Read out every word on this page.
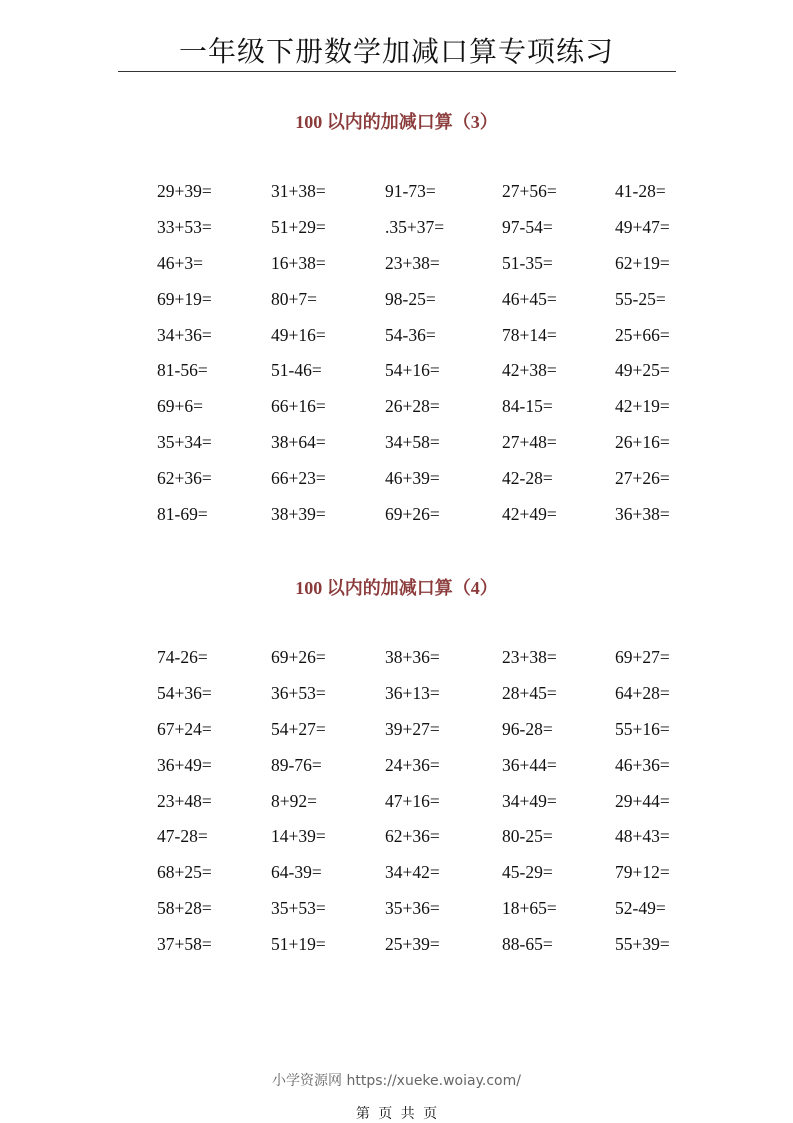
一年级下册数学加减口算专项练习
100 以内的加减口算（3）
29+39=	31+38=	91-73=	27+56=	41-28=
33+53=	51+29=	.35+37=	97-54=	49+47=
46+3=	16+38=	23+38=	51-35=	62+19=
69+19=	80+7=	98-25=	46+45=	55-25=
34+36=	49+16=	54-36=	78+14=	25+66=
81-56=	51-46=	54+16=	42+38=	49+25=
69+6=	66+16=	26+28=	84-15=	42+19=
35+34=	38+64=	34+58=	27+48=	26+16=
62+36=	66+23=	46+39=	42-28=	27+26=
81-69=	38+39=	69+26=	42+49=	36+38=
100 以内的加减口算（4）
74-26=	69+26=	38+36=	23+38=	69+27=
54+36=	36+53=	36+13=	28+45=	64+28=
67+24=	54+27=	39+27=	96-28=	55+16=
36+49=	89-76=	24+36=	36+44=	46+36=
23+48=	8+92=	47+16=	34+49=	29+44=
47-28=	14+39=	62+36=	80-25=	48+43=
68+25=	64-39=	34+42=	45-29=	79+12=
58+28=	35+53=	35+36=	18+65=	52-49=
37+58=	51+19=	25+39=	88-65=	55+39=
小学资源网 https://xueke.woiay.com/
第 页 共 页
